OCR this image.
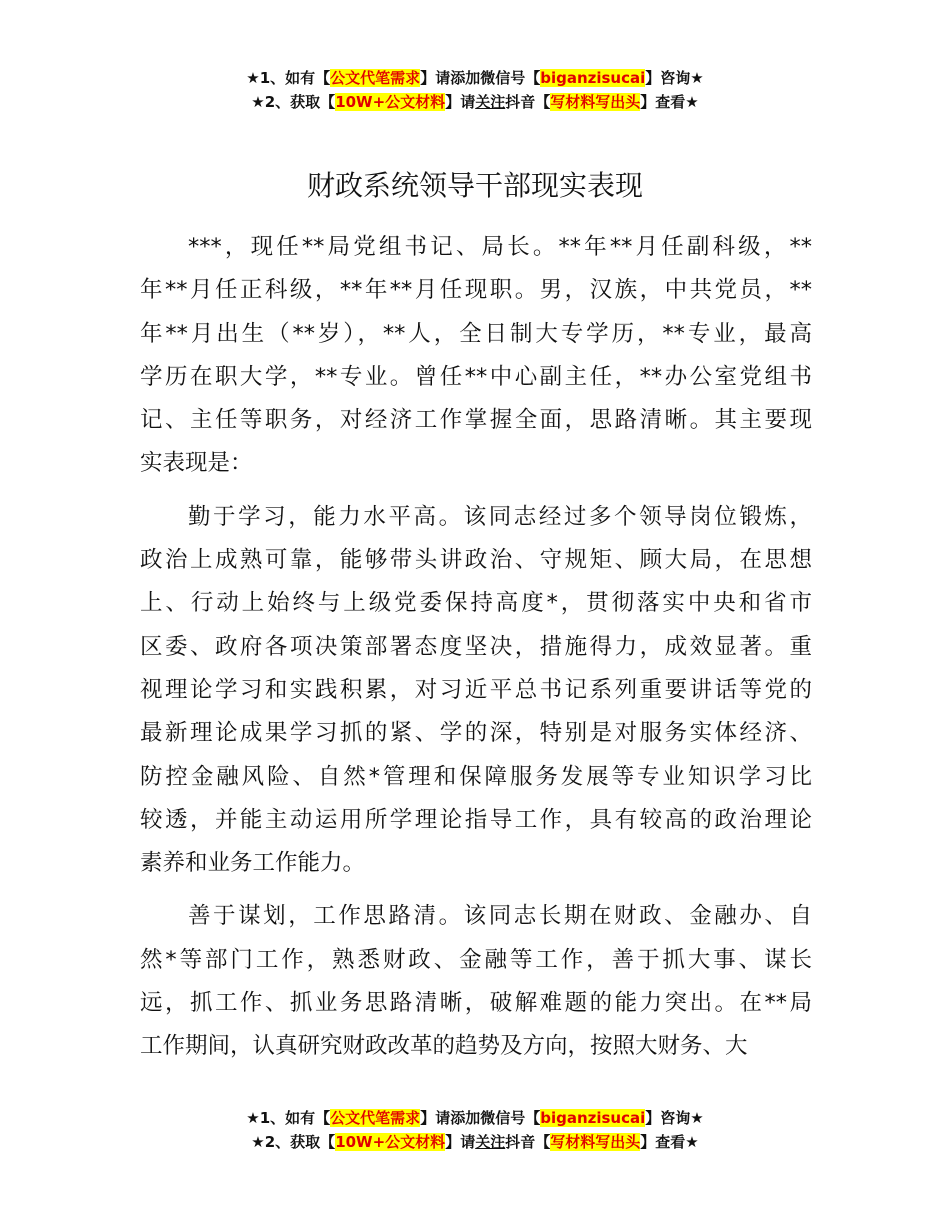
★1、如有【公文代笔需求】请添加微信号【biganzisucai】咨询★
★2、获取【10W+公文材料】请关注抖音【写材料写出头】查看★
财政系统领导干部现实表现

***，现任**局党组书记、局长。**年**月任副科级，**
年**月任正科级，**年**月任现职。男，汉族，中共党员，**
年**月出生（**岁），**人，全日制大专学历，**专业，最高
学历在职大学，**专业。曾任**中心副主任，**办公室党组书
记、主任等职务，对经济工作掌握全面，思路清晰。其主要现
实表现是：

勤于学习，能力水平高。该同志经过多个领导岗位锻炼，
政治上成熟可靠，能够带头讲政治、守规矩、顾大局，在思想
上、行动上始终与上级党委保持高度*，贯彻落实中央和省市
区委、政府各项决策部署态度坚决，措施得力，成效显著。重
视理论学习和实践积累，对习近平总书记系列重要讲话等党的
最新理论成果学习抓的紧、学的深，特别是对服务实体经济、
防控金融风险、自然*管理和保障服务发展等专业知识学习比
较透，并能主动运用所学理论指导工作，具有较高的政治理论
素养和业务工作能力。

善于谋划，工作思路清。该同志长期在财政、金融办、自
然*等部门工作，熟悉财政、金融等工作，善于抓大事、谋长
远，抓工作、抓业务思路清晰，破解难题的能力突出。在**局
工作期间，认真研究财政改革的趋势及方向，按照大财务、大

★1、如有【公文代笔需求】请添加微信号【biganzisucai】咨询★
★2、获取【10W+公文材料】请关注抖音【写材料写出头】查看★
